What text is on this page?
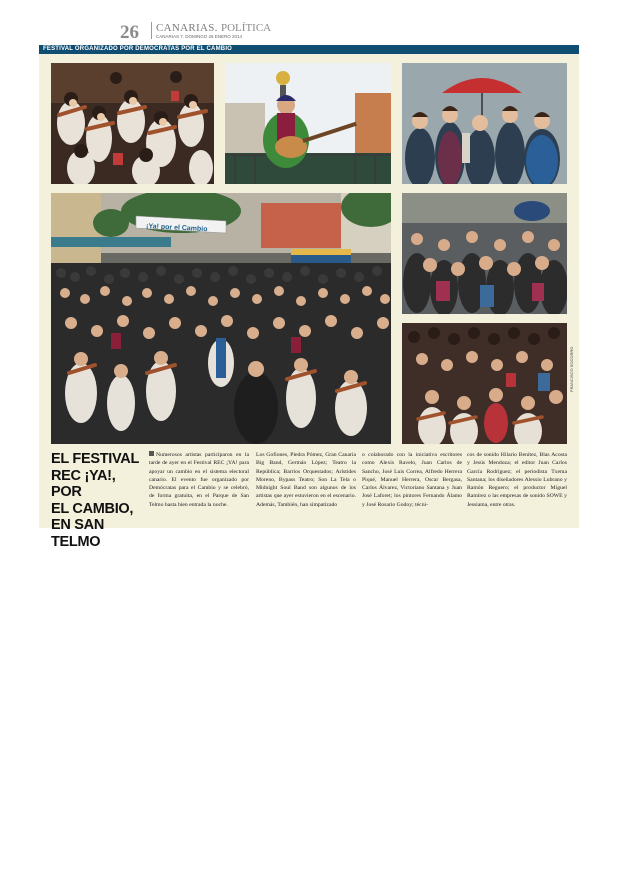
26 CANARIAS. POLÍTICA
CANARIAS 7. DOMINGO 26 ENERO 2014
FESTIVAL ORGANIZADO POR DEMÓCRATAS POR EL CAMBIO
¡Ya! por el Cambio
FRANCISCO SOCORRO
EL FESTIVAL
REC ¡YA!, POR
EL CAMBIO,
EN SAN TELMO
Numerosos artistas participaron en la tarde de ayer en el Festival REC ¡YA! para apoyar un cambio en el sistema electoral canario. El evento fue organizado por Demócratas para el Cambio y se celebró, de forma gratuita, en el Parque de San Telmo hasta bien entrada la noche.
Los Gofiones, Piedra Pómez, Gran Canaria Big Band, Germán López; Teatro la República; Barrios Orquestados; Arístides Moreno, Bypass Teatro; Son La Tela o Midnight Soul Band son algunos de los artistas que ayer estuvieron en el escenario. Además, También, han simpatizado
o colaborado con la iniciativa escritores como Alexis Ravelo, Juan Carlos de Sancho, José Luis Correa, Alfredo Herrera Piqué, Manuel Herrera, Oscar Bergasa, Carlos Álvarez, Victoriano Santana y Juan José Laforet; los pintores Fernando Álamo y José Rosario Godoy; técni-
cos de sonido Hilario Benítez, Blas Acosta y Jesús Mendoza; el editor Juan Carlos García Rodríguez; el periodista Txema Santana; los diseñadores Alessio Lubrano y Ramón Reguero; el productor Miguel Ramírez o las empresas de sonido SOWE y Jessiama, entre otras.
